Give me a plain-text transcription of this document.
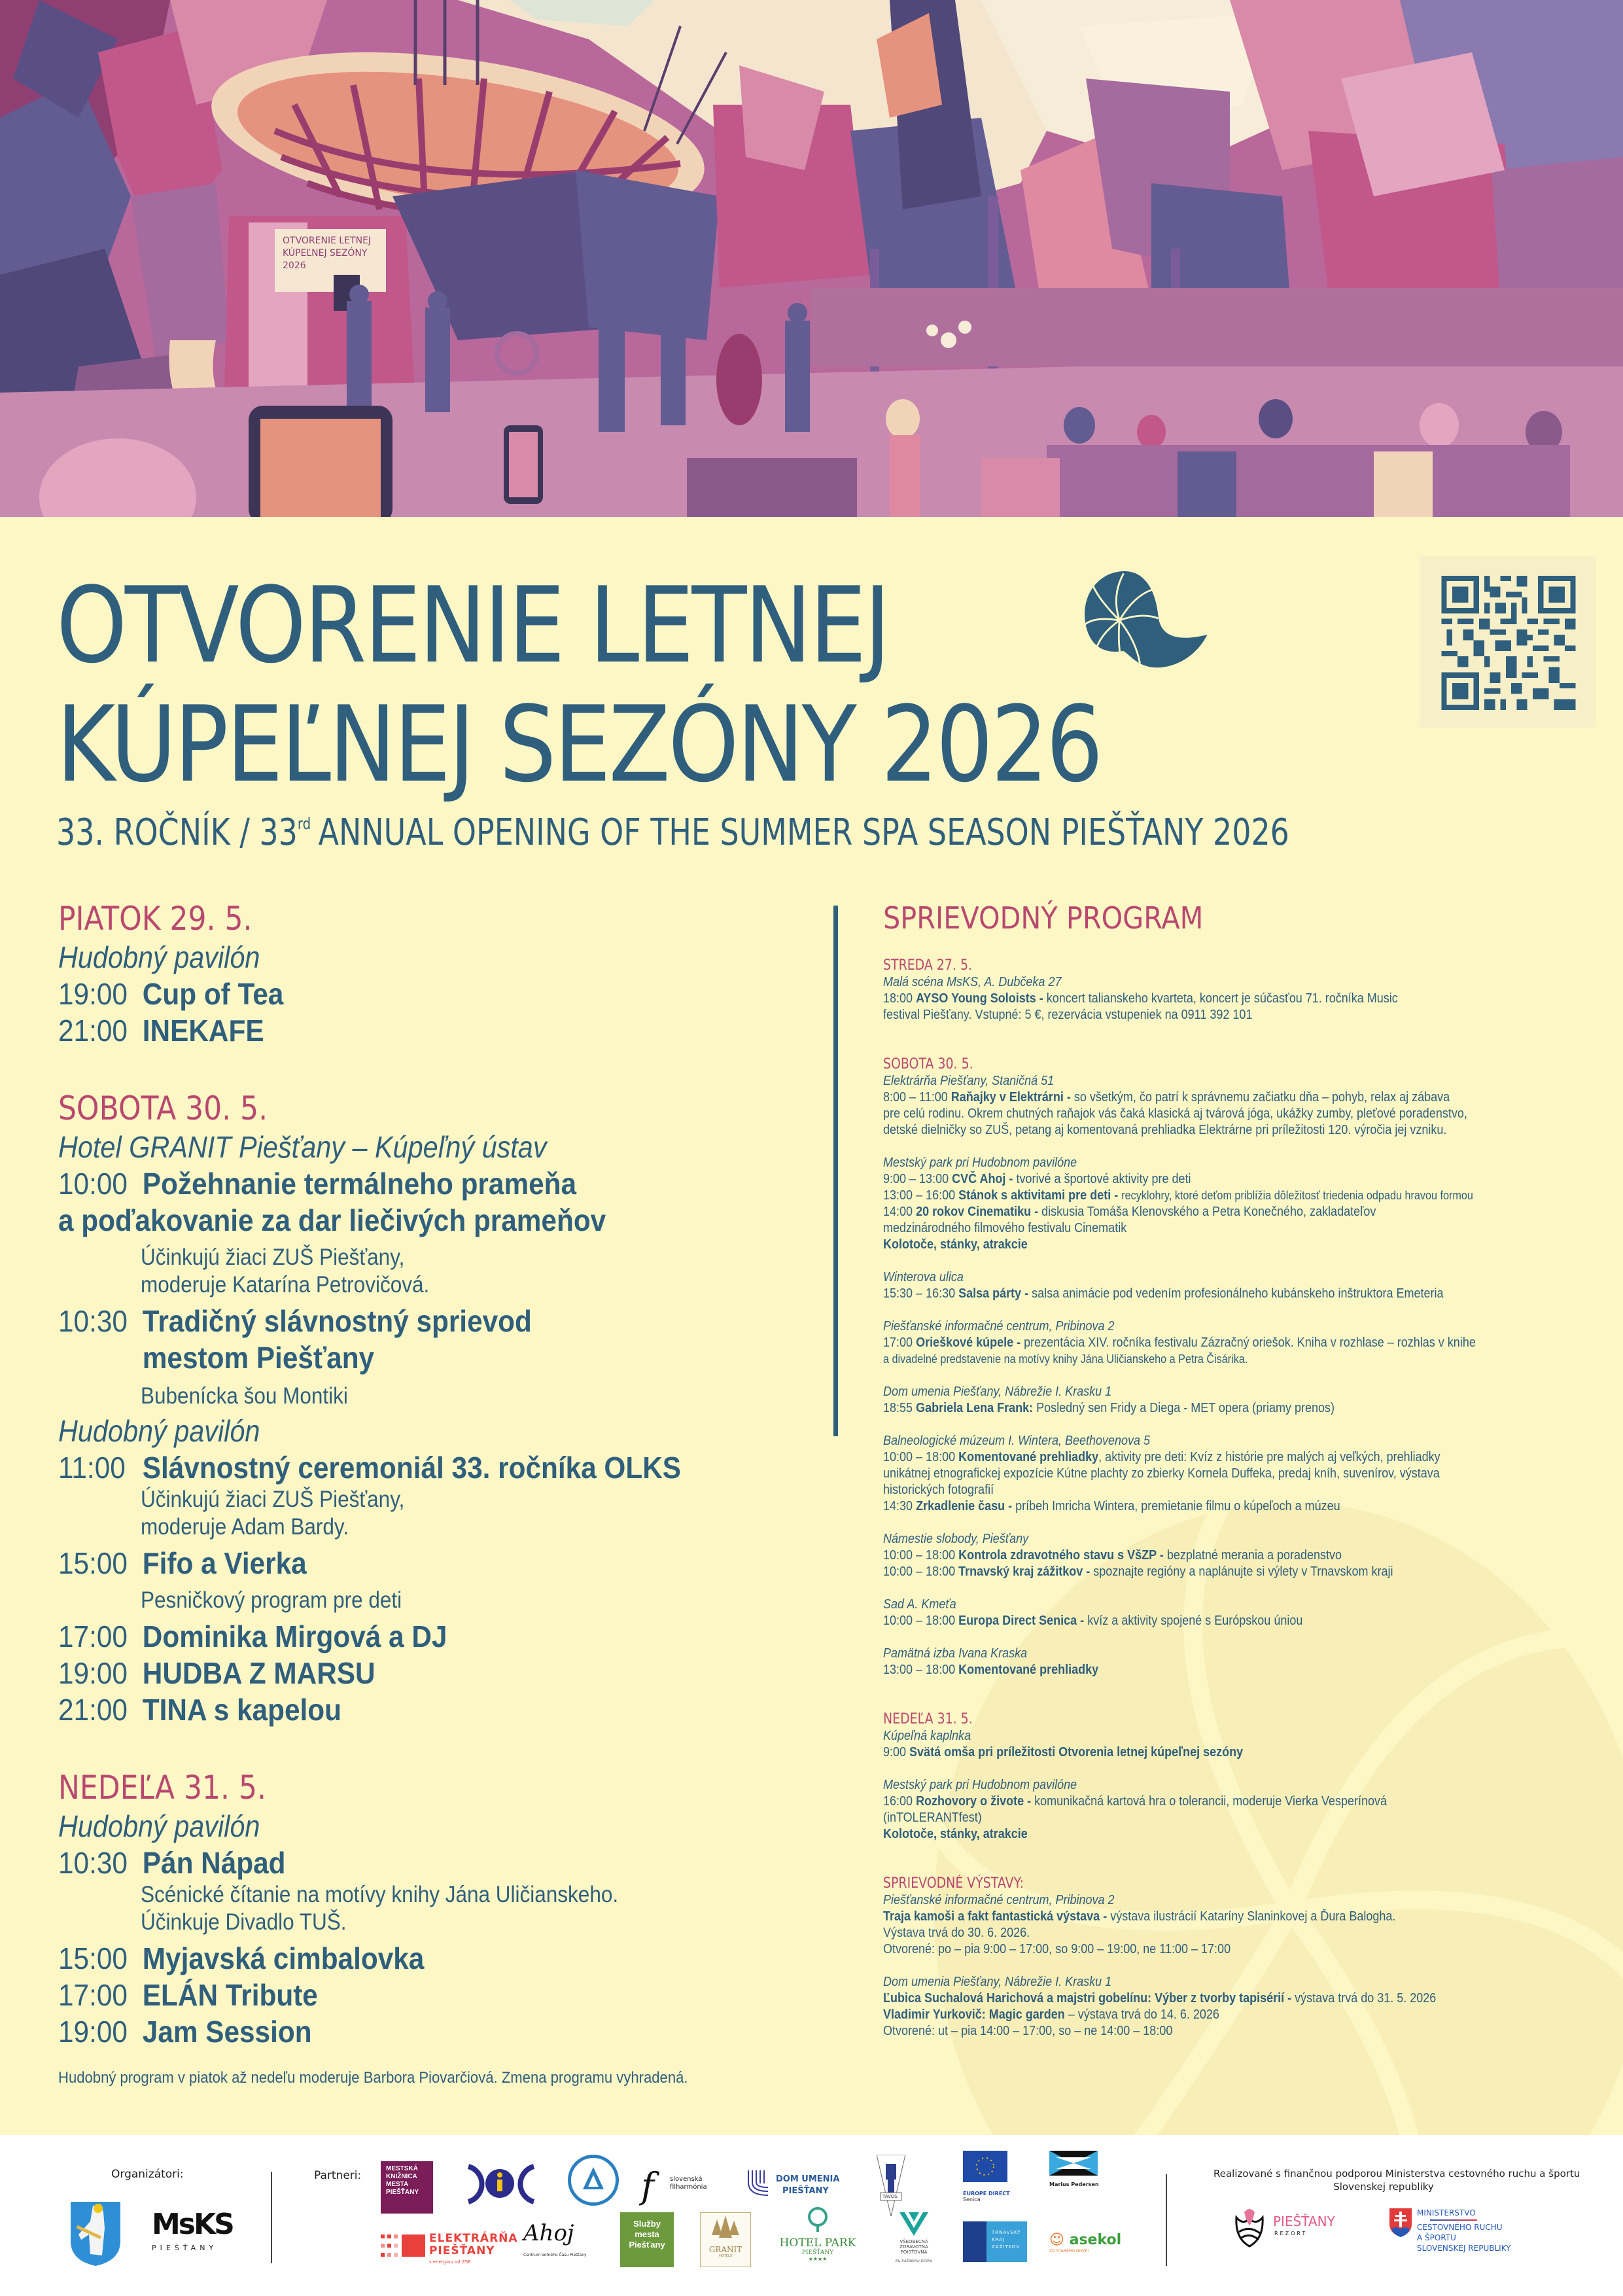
OTVORENIE LETNEJ
KÚPEĽNEJ SEZÓNY
2026
OTVORENIE LETNEJ
KÚPEĽNEJ SEZÓNY 2026
33. ROČNÍK / 33rd ANNUAL OPENING OF THE SUMMER SPA SEASON PIEŠŤANY 2026
PIATOK 29. 5.
Hudobný pavilón
19:00 Cup of Tea
21:00 INEKAFE
SOBOTA 30. 5.
Hotel GRANIT Piešťany – Kúpeľný ústav
10:00 Požehnanie termálneho prameňa
a poďakovanie za dar liečivých prameňov
Účinkujú žiaci ZUŠ Piešťany,
moderuje Katarína Petrovičová.
10:30 Tradičný slávnostný sprievod
mestom Piešťany
Bubenícka šou Montiki
Hudobný pavilón
11:00 Slávnostný ceremoniál 33. ročníka OLKS
Účinkujú žiaci ZUŠ Piešťany,
moderuje Adam Bardy.
15:00 Fifo a Vierka
Pesničkový program pre deti
17:00 Dominika Mirgová a DJ
19:00 HUDBA Z MARSU
21:00 TINA s kapelou
NEDEĽA 31. 5.
Hudobný pavilón
10:30 Pán Nápad
Scénické čítanie na motívy knihy Jána Uličianskeho.
Účinkuje Divadlo TUŠ.
15:00 Myjavská cimbalovka
17:00 ELÁN Tribute
19:00 Jam Session
Hudobný program v piatok až nedeľu moderuje Barbora Piovarčiová. Zmena programu vyhradená.
SPRIEVODNÝ PROGRAM
STREDA 27. 5.
Malá scéna MsKS, A. Dubčeka 27
18:00 AYSO Young Soloists - koncert talianskeho kvarteta, koncert je súčasťou 71. ročníka Music
festival Piešťany. Vstupné: 5 €, rezervácia vstupeniek na 0911 392 101
SOBOTA 30. 5.
Elektrárňa Piešťany, Staničná 51
8:00 – 11:00 Raňajky v Elektrárni - so všetkým, čo patrí k správnemu začiatku dňa – pohyb, relax aj zábava
pre celú rodinu. Okrem chutných raňajok vás čaká klasická aj tvárová jóga, ukážky zumby, pleťové poradenstvo,
detské dielničky so ZUŠ, petang aj komentovaná prehliadka Elektrárne pri príležitosti 120. výročia jej vzniku.
Mestský park pri Hudobnom pavilóne
9:00 – 13:00 CVČ Ahoj - tvorivé a športové aktivity pre deti
13:00 – 16:00 Stánok s aktivitami pre deti - recyklohry, ktoré deťom priblížia dôležitosť triedenia odpadu hravou formou
14:00 20 rokov Cinematiku - diskusia Tomáša Klenovského a Petra Konečného, zakladateľov
medzinárodného filmového festivalu Cinematik
Kolotoče, stánky, atrakcie
Winterova ulica
15:30 – 16:30 Salsa párty - salsa animácie pod vedením profesionálneho kubánskeho inštruktora Emeteria
Piešťanské informačné centrum, Pribinova 2
17:00 Orieškové kúpele - prezentácia XIV. ročníka festivalu Zázračný oriešok. Kniha v rozhlase – rozhlas v knihe
a divadelné predstavenie na motívy knihy Jána Uličianskeho a Petra Čisárika.
Dom umenia Piešťany, Nábrežie I. Krasku 1
18:55 Gabriela Lena Frank: Posledný sen Fridy a Diega - MET opera (priamy prenos)
Balneologické múzeum I. Wintera, Beethovenova 5
10:00 – 18:00 Komentované prehliadky, aktivity pre deti: Kvíz z histórie pre malých aj veľkých, prehliadky
unikátnej etnografickej expozície Kútne plachty zo zbierky Kornela Duffeka, predaj kníh, suvenírov, výstava
historických fotografií
14:30 Zrkadlenie času - príbeh Imricha Wintera, premietanie filmu o kúpeľoch a múzeu
Námestie slobody, Piešťany
10:00 – 18:00 Kontrola zdravotného stavu s VšZP - bezplatné merania a poradenstvo
10:00 – 18:00 Trnavský kraj zážitkov - spoznajte regióny a naplánujte si výlety v Trnavskom kraji
Sad A. Kmeťa
10:00 – 18:00 Europa Direct Senica - kvíz a aktivity spojené s Európskou úniou
Pamätná izba Ivana Kraska
13:00 – 18:00 Komentované prehliadky
NEDEĽA 31. 5.
Kúpeľná kaplnka
9:00 Svätá omša pri príležitosti Otvorenia letnej kúpeľnej sezóny
Mestský park pri Hudobnom pavilóne
16:00 Rozhovory o živote - komunikačná kartová hra o tolerancii, moderuje Vierka Vesperínová
(inTOLERANTfest)
Kolotoče, stánky, atrakcie
SPRIEVODNÉ VÝSTAVY:
Piešťanské informačné centrum, Pribinova 2
Traja kamoši a fakt fantastická výstava - výstava ilustrácií Kataríny Slaninkovej a Ďura Balogha.
Výstava trvá do 30. 6. 2026.
Otvorené: po – pia 9:00 – 17:00, so 9:00 – 19:00, ne 11:00 – 17:00
Dom umenia Piešťany, Nábrežie I. Krasku 1
Ľubica Suchalová Harichová a majstri gobelínu: Výber z tvorby tapisérií - výstava trvá do 31. 5. 2026
Vladimir Yurkovič: Magic garden – výstava trvá do 14. 6. 2026
Otvorené: ut – pia 14:00 – 17:00, so – ne 14:00 – 18:00
Organizátori:
MsKS
PIEŠŤANY
Partneri:
MESTSKÁ
KNIŽNICA
MESTA
PIEŠŤANY	f slovenská
filharmónia
DOM UMENIA
PIEŠŤANY
TAVOS	EUROPE DIRECT
Senica
Marius Pedersen
ELEKTRÁRŇA
PIEŠŤANY
s energiou od ZSE
Ahoj
Centrum Voľného Času Piešťany
Služby
mesta
Piešťany	GRANIT
HOTELS
HOTEL PARK
PIEŠŤANY
★★★★
VŠEOBECNÁ
ZDRAVOTNÁ
POISŤOVŇA
Ku každému blízko
TRNAVSKÝ
KRAJ
ZÁŽITKOV ☺ asekol
ZO STARÉHO NOVÉ!
Realizované s finančnou podporou Ministerstva cestovného ruchu a športu
Slovenskej republiky
PIEŠŤANY
REZORT
MINISTERSTVO
CESTOVNÉHO RUCHU
A ŠPORTU
SLOVENSKEJ REPUBLIKY
